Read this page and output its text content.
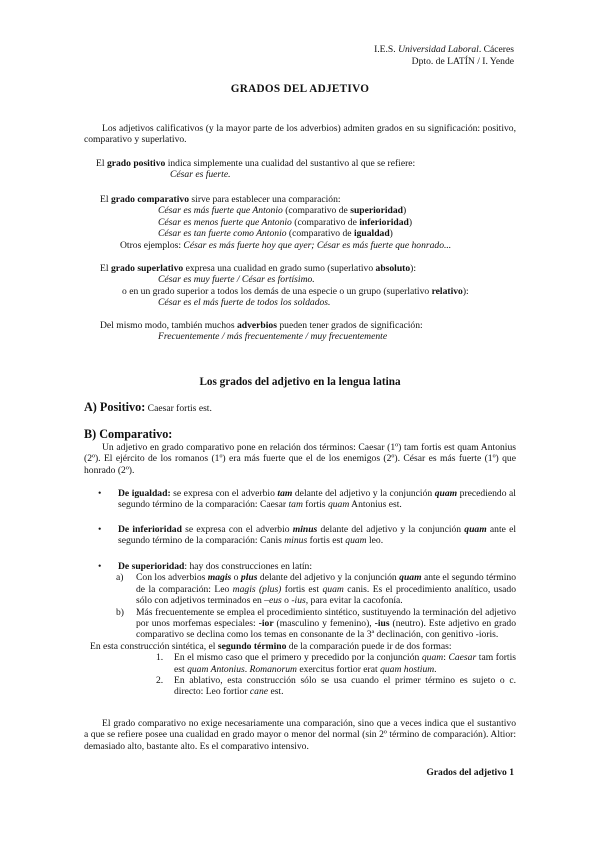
I.E.S. Universidad Laboral. Cáceres
Dpto. de LATÍN / I. Yende
GRADOS DEL ADJETIVO
Los adjetivos calificativos (y la mayor parte de los adverbios) admiten grados en su significación: positivo, comparativo y superlativo.
El grado positivo indica simplemente una cualidad del sustantivo al que se refiere:
César es fuerte.
El grado comparativo sirve para establecer una comparación:
César es más fuerte que Antonio (comparativo de superioridad)
César es menos fuerte que Antonio (comparativo de inferioridad)
César es tan fuerte como Antonio (comparativo de igualdad)
Otros ejemplos: César es más fuerte hoy que ayer; César es más fuerte que honrado...
El grado superlativo expresa una cualidad en grado sumo (superlativo absoluto):
César es muy fuerte / César es fortísimo.
o en un grado superior a todos los demás de una especie o un grupo (superlativo relativo):
César es el más fuerte de todos los soldados.
Del mismo modo, también muchos adverbios pueden tener grados de significación:
Frecuentemente / más frecuentemente / muy frecuentemente
Los grados del adjetivo en la lengua latina
A) Positivo: Caesar fortis est.
B) Comparativo:
Un adjetivo en grado comparativo pone en relación dos términos: Caesar (1º) tam fortis est quam Antonius (2º). El ejército de los romanos (1º) era más fuerte que el de los enemigos (2º). César es más fuerte (1º) que honrado (2º).
• De igualdad: se expresa con el adverbio tam delante del adjetivo y la conjunción quam precediendo al segundo término de la comparación: Caesar tam fortis quam Antonius est.
• De inferioridad se expresa con el adverbio minus delante del adjetivo y la conjunción quam ante el segundo término de la comparación: Canis minus fortis est quam leo.
• De superioridad: hay dos construcciones en latín:
a) Con los adverbios magis o plus delante del adjetivo y la conjunción quam ante el segundo término de la comparación: Leo magis (plus) fortis est quam canis. Es el procedimiento analítico, usado sólo con adjetivos terminados en –eus o -ius, para evitar la cacofonía.
b) Más frecuentemente se emplea el procedimiento sintético, sustituyendo la terminación del adjetivo por unos morfemas especiales: -ior (masculino y femenino), -ius (neutro). Este adjetivo en grado comparativo se declina como los temas en consonante de la 3ª declinación, con genitivo -ioris.
En esta construcción sintética, el segundo término de la comparación puede ir de dos formas:
1. En el mismo caso que el primero y precedido por la conjunción quam: Caesar tam fortis est quam Antonius. Romanorum exercitus fortior erat quam hostium.
2. En ablativo, esta construcción sólo se usa cuando el primer término es sujeto o c. directo: Leo fortior cane est.
El grado comparativo no exige necesariamente una comparación, sino que a veces indica que el sustantivo a que se refiere posee una cualidad en grado mayor o menor del normal (sin 2º término de comparación). Altior: demasiado alto, bastante alto. Es el comparativo intensivo.
Grados del adjetivo 1
